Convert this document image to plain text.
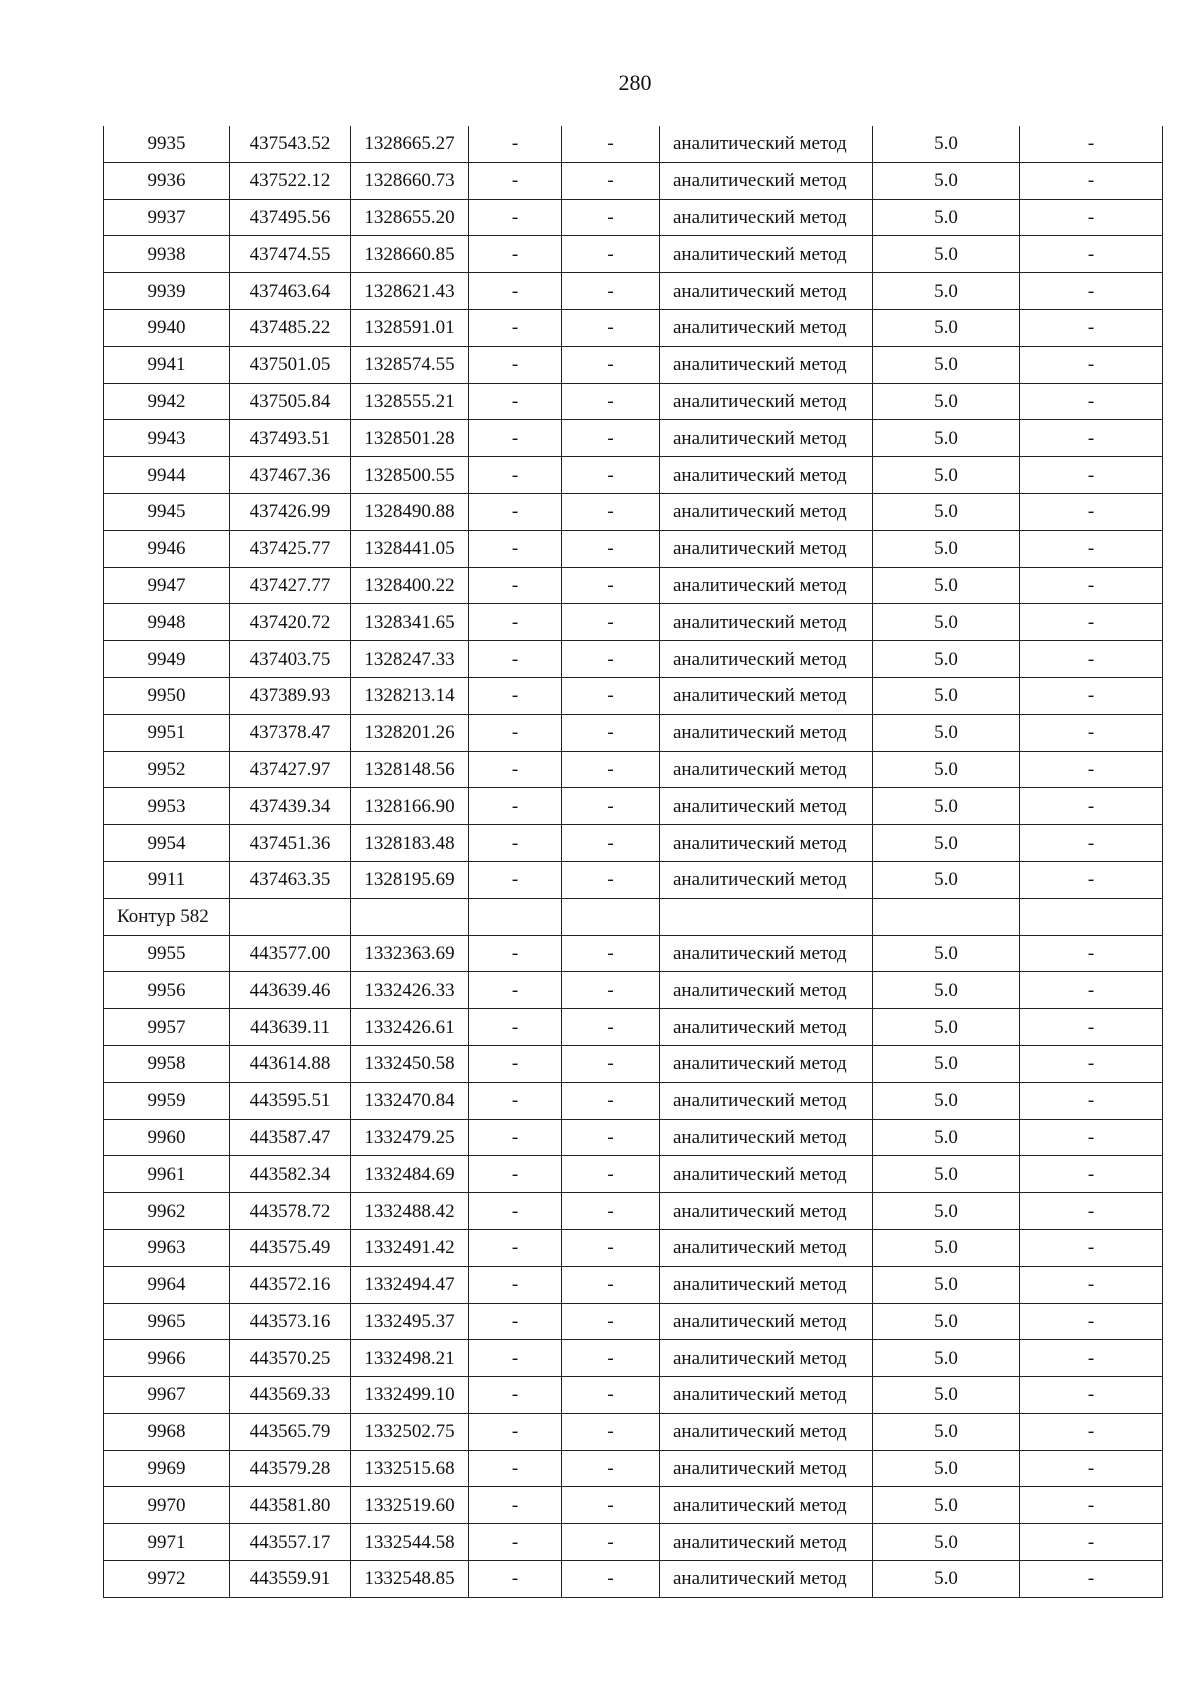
280
9935	437543.52	1328665.27	-	-	аналитический метод	5.0	-
9936	437522.12	1328660.73	-	-	аналитический метод	5.0	-
9937	437495.56	1328655.20	-	-	аналитический метод	5.0	-
9938	437474.55	1328660.85	-	-	аналитический метод	5.0	-
9939	437463.64	1328621.43	-	-	аналитический метод	5.0	-
9940	437485.22	1328591.01	-	-	аналитический метод	5.0	-
9941	437501.05	1328574.55	-	-	аналитический метод	5.0	-
9942	437505.84	1328555.21	-	-	аналитический метод	5.0	-
9943	437493.51	1328501.28	-	-	аналитический метод	5.0	-
9944	437467.36	1328500.55	-	-	аналитический метод	5.0	-
9945	437426.99	1328490.88	-	-	аналитический метод	5.0	-
9946	437425.77	1328441.05	-	-	аналитический метод	5.0	-
9947	437427.77	1328400.22	-	-	аналитический метод	5.0	-
9948	437420.72	1328341.65	-	-	аналитический метод	5.0	-
9949	437403.75	1328247.33	-	-	аналитический метод	5.0	-
9950	437389.93	1328213.14	-	-	аналитический метод	5.0	-
9951	437378.47	1328201.26	-	-	аналитический метод	5.0	-
9952	437427.97	1328148.56	-	-	аналитический метод	5.0	-
9953	437439.34	1328166.90	-	-	аналитический метод	5.0	-
9954	437451.36	1328183.48	-	-	аналитический метод	5.0	-
9911	437463.35	1328195.69	-	-	аналитический метод	5.0	-
Контур 582							
9955	443577.00	1332363.69	-	-	аналитический метод	5.0	-
9956	443639.46	1332426.33	-	-	аналитический метод	5.0	-
9957	443639.11	1332426.61	-	-	аналитический метод	5.0	-
9958	443614.88	1332450.58	-	-	аналитический метод	5.0	-
9959	443595.51	1332470.84	-	-	аналитический метод	5.0	-
9960	443587.47	1332479.25	-	-	аналитический метод	5.0	-
9961	443582.34	1332484.69	-	-	аналитический метод	5.0	-
9962	443578.72	1332488.42	-	-	аналитический метод	5.0	-
9963	443575.49	1332491.42	-	-	аналитический метод	5.0	-
9964	443572.16	1332494.47	-	-	аналитический метод	5.0	-
9965	443573.16	1332495.37	-	-	аналитический метод	5.0	-
9966	443570.25	1332498.21	-	-	аналитический метод	5.0	-
9967	443569.33	1332499.10	-	-	аналитический метод	5.0	-
9968	443565.79	1332502.75	-	-	аналитический метод	5.0	-
9969	443579.28	1332515.68	-	-	аналитический метод	5.0	-
9970	443581.80	1332519.60	-	-	аналитический метод	5.0	-
9971	443557.17	1332544.58	-	-	аналитический метод	5.0	-
9972	443559.91	1332548.85	-	-	аналитический метод	5.0	-
